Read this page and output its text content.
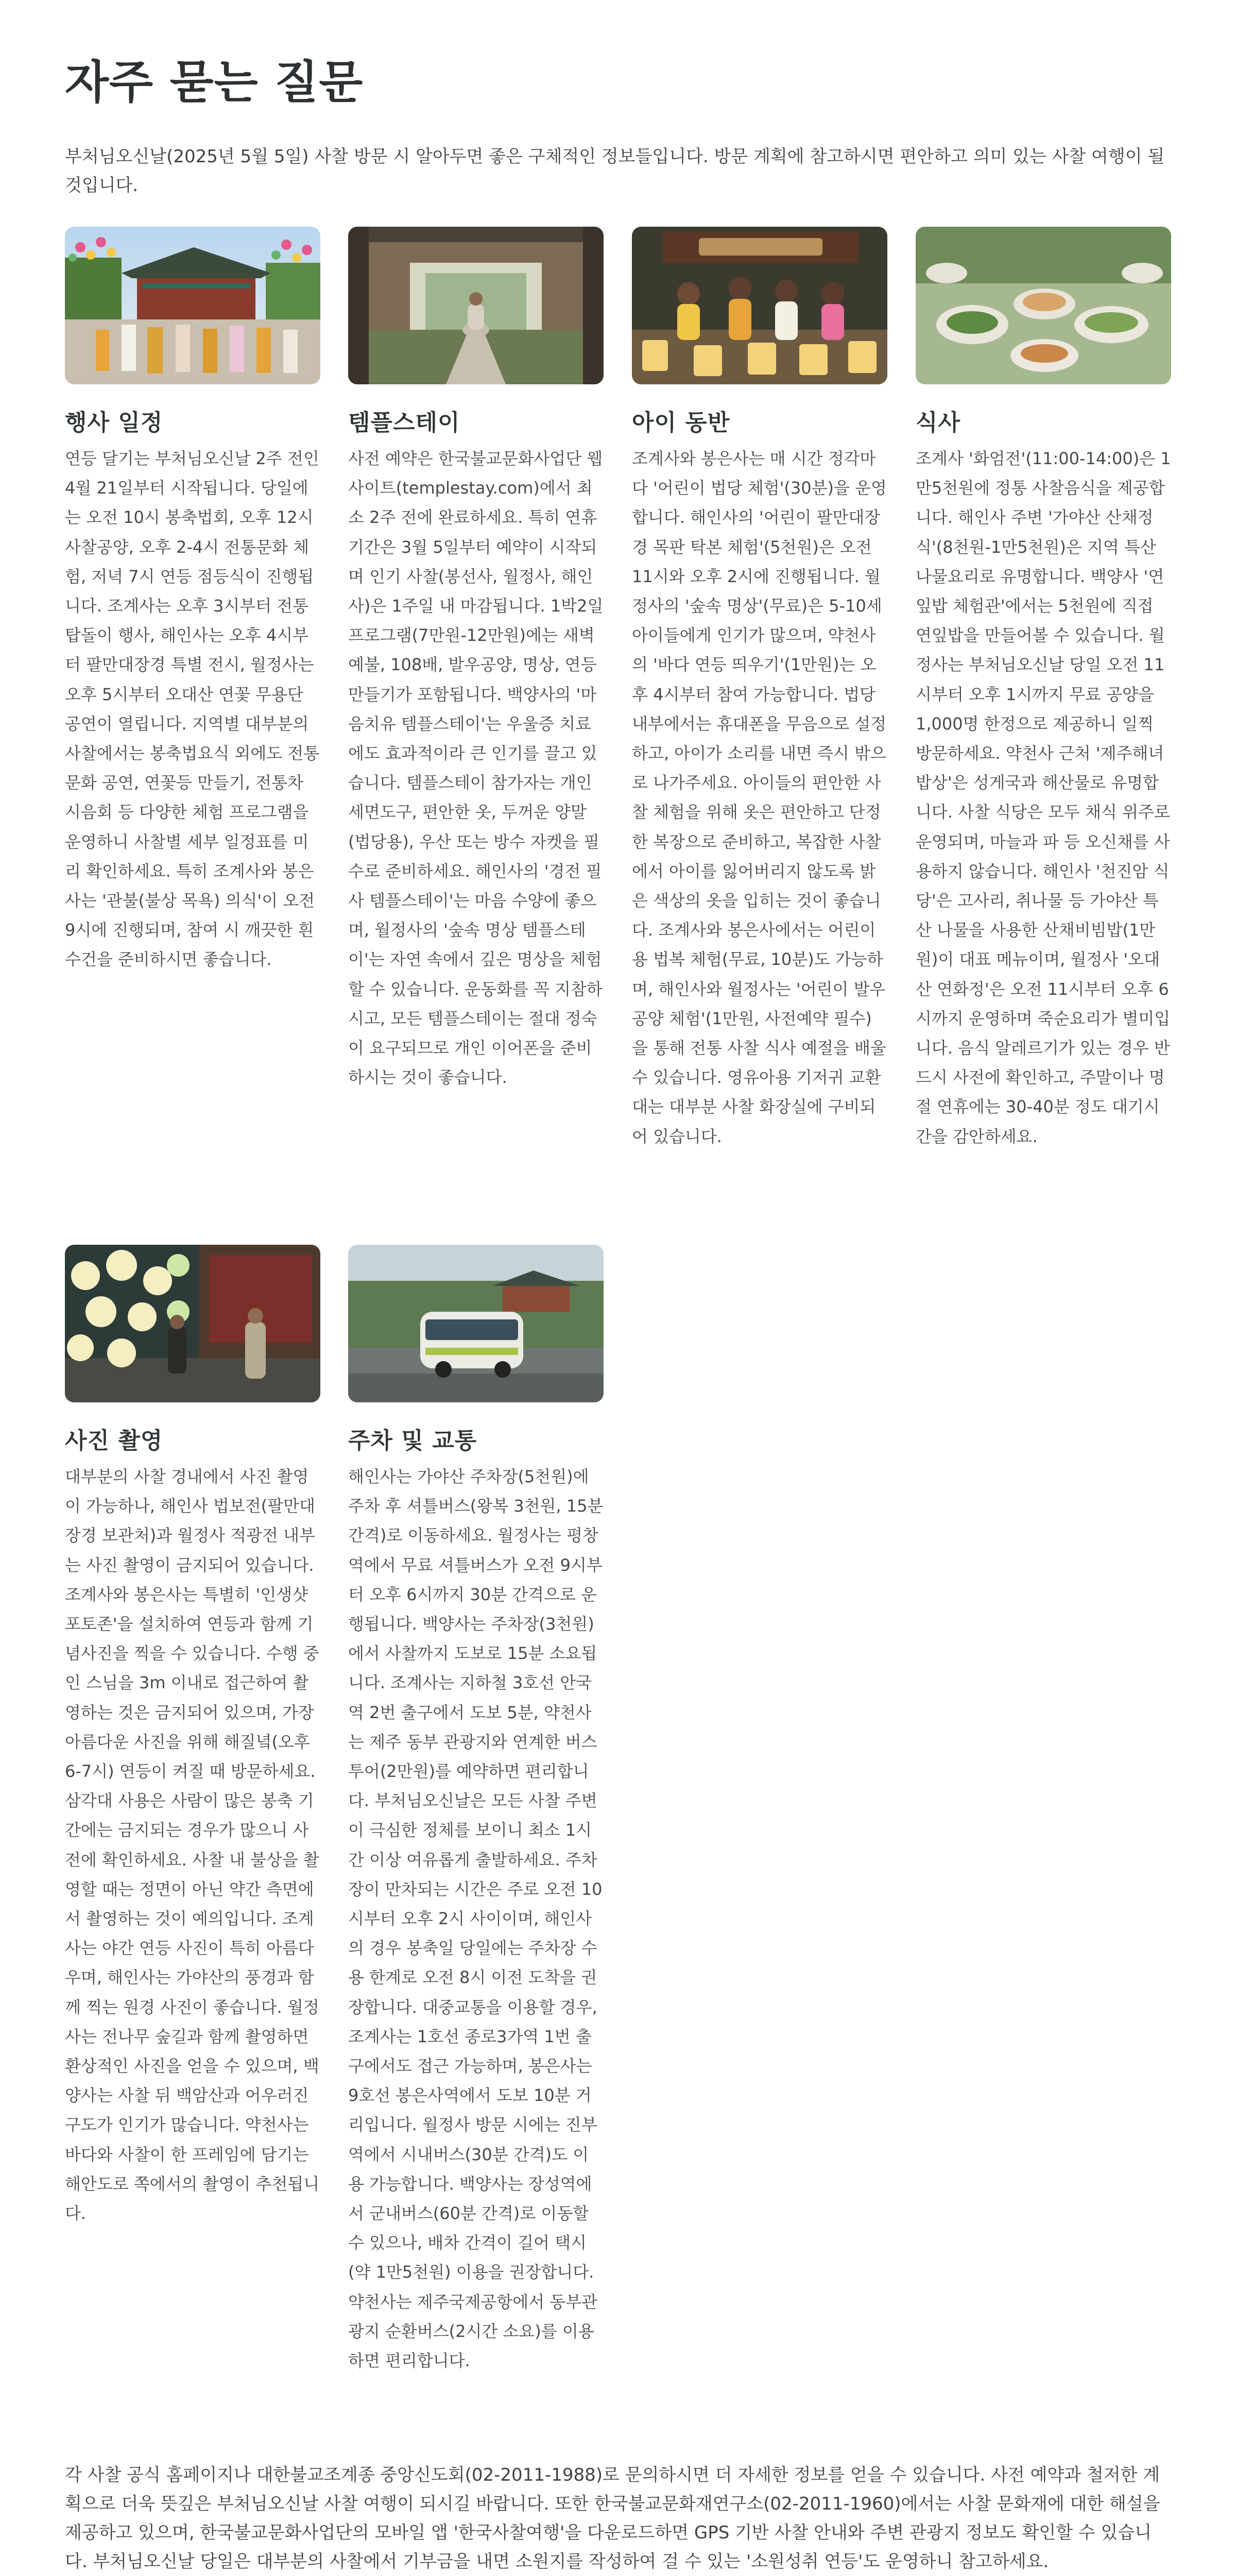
자주 묻는 질문

부처님오신날(2025년 5월 5일) 사찰 방문 시 알아두면 좋은 구체적인 정보들입니다. 방문 계획에 참고하시면 편안하고 의미 있는 사찰 여행이 될 것입니다.

행사 일정

연등 달기는 부처님오신날 2주 전인 4월 21일부터 시작됩니다. 당일에는 오전 10시 봉축법회, 오후 12시 사찰공양, 오후 2-4시 전통문화 체험, 저녁 7시 연등 점등식이 진행됩니다. 조계사는 오후 3시부터 전통 탑돌이 행사, 해인사는 오후 4시부터 팔만대장경 특별 전시, 월정사는 오후 5시부터 오대산 연꽃 무용단 공연이 열립니다. 지역별 대부분의 사찰에서는 봉축법요식 외에도 전통 문화 공연, 연꽃등 만들기, 전통차 시음회 등 다양한 체험 프로그램을 운영하니 사찰별 세부 일정표를 미리 확인하세요. 특히 조계사와 봉은사는 '관불(불상 목욕) 의식'이 오전 9시에 진행되며, 참여 시 깨끗한 흰 수건을 준비하시면 좋습니다.

템플스테이

사전 예약은 한국불교문화사업단 웹사이트(templestay.com)에서 최소 2주 전에 완료하세요. 특히 연휴 기간은 3월 5일부터 예약이 시작되며 인기 사찰(봉선사, 월정사, 해인사)은 1주일 내 마감됩니다. 1박2일 프로그램(7만원-12만원)에는 새벽 예불, 108배, 발우공양, 명상, 연등 만들기가 포함됩니다. 백양사의 '마음치유 템플스테이'는 우울증 치료에도 효과적이라 큰 인기를 끌고 있습니다. 템플스테이 참가자는 개인 세면도구, 편안한 옷, 두꺼운 양말(법당용), 우산 또는 방수 자켓을 필수로 준비하세요. 해인사의 '경전 필사 템플스테이'는 마음 수양에 좋으며, 월정사의 '숲속 명상 템플스테이'는 자연 속에서 깊은 명상을 체험할 수 있습니다. 운동화를 꼭 지참하시고, 모든 템플스테이는 절대 정숙이 요구되므로 개인 이어폰을 준비하시는 것이 좋습니다.

아이 동반

조계사와 봉은사는 매 시간 정각마다 '어린이 법당 체험'(30분)을 운영합니다. 해인사의 '어린이 팔만대장경 목판 탁본 체험'(5천원)은 오전 11시와 오후 2시에 진행됩니다. 월정사의 '숲속 명상'(무료)은 5-10세 아이들에게 인기가 많으며, 약천사의 '바다 연등 띄우기'(1만원)는 오후 4시부터 참여 가능합니다. 법당 내부에서는 휴대폰을 무음으로 설정하고, 아이가 소리를 내면 즉시 밖으로 나가주세요. 아이들의 편안한 사찰 체험을 위해 옷은 편안하고 단정한 복장으로 준비하고, 복잡한 사찰에서 아이를 잃어버리지 않도록 밝은 색상의 옷을 입히는 것이 좋습니다. 조계사와 봉은사에서는 어린이용 법복 체험(무료, 10분)도 가능하며, 해인사와 월정사는 '어린이 발우공양 체험'(1만원, 사전예약 필수)을 통해 전통 사찰 식사 예절을 배울 수 있습니다. 영유아용 기저귀 교환대는 대부분 사찰 화장실에 구비되어 있습니다.

식사

조계사 '화엄전'(11:00-14:00)은 1만5천원에 정통 사찰음식을 제공합니다. 해인사 주변 '가야산 산채정식'(8천원-1만5천원)은 지역 특산 나물요리로 유명합니다. 백양사 '연잎밥 체험관'에서는 5천원에 직접 연잎밥을 만들어볼 수 있습니다. 월정사는 부처님오신날 당일 오전 11시부터 오후 1시까지 무료 공양을 1,000명 한정으로 제공하니 일찍 방문하세요. 약천사 근처 '제주해녀밥상'은 성게국과 해산물로 유명합니다. 사찰 식당은 모두 채식 위주로 운영되며, 마늘과 파 등 오신채를 사용하지 않습니다. 해인사 '천진암 식당'은 고사리, 취나물 등 가야산 특산 나물을 사용한 산채비빔밥(1만원)이 대표 메뉴이며, 월정사 '오대산 연화정'은 오전 11시부터 오후 6시까지 운영하며 죽순요리가 별미입니다. 음식 알레르기가 있는 경우 반드시 사전에 확인하고, 주말이나 명절 연휴에는 30-40분 정도 대기시간을 감안하세요.

사진 촬영

대부분의 사찰 경내에서 사진 촬영이 가능하나, 해인사 법보전(팔만대장경 보관처)과 월정사 적광전 내부는 사진 촬영이 금지되어 있습니다. 조계사와 봉은사는 특별히 '인생샷 포토존'을 설치하여 연등과 함께 기념사진을 찍을 수 있습니다. 수행 중인 스님을 3m 이내로 접근하여 촬영하는 것은 금지되어 있으며, 가장 아름다운 사진을 위해 해질녘(오후 6-7시) 연등이 켜질 때 방문하세요. 삼각대 사용은 사람이 많은 봉축 기간에는 금지되는 경우가 많으니 사전에 확인하세요. 사찰 내 불상을 촬영할 때는 정면이 아닌 약간 측면에서 촬영하는 것이 예의입니다. 조계사는 야간 연등 사진이 특히 아름다우며, 해인사는 가야산의 풍경과 함께 찍는 원경 사진이 좋습니다. 월정사는 전나무 숲길과 함께 촬영하면 환상적인 사진을 얻을 수 있으며, 백양사는 사찰 뒤 백암산과 어우러진 구도가 인기가 많습니다. 약천사는 바다와 사찰이 한 프레임에 담기는 해안도로 쪽에서의 촬영이 추천됩니다.

주차 및 교통

해인사는 가야산 주차장(5천원)에 주차 후 셔틀버스(왕복 3천원, 15분 간격)로 이동하세요. 월정사는 평창역에서 무료 셔틀버스가 오전 9시부터 오후 6시까지 30분 간격으로 운행됩니다. 백양사는 주차장(3천원)에서 사찰까지 도보로 15분 소요됩니다. 조계사는 지하철 3호선 안국역 2번 출구에서 도보 5분, 약천사는 제주 동부 관광지와 연계한 버스투어(2만원)를 예약하면 편리합니다. 부처님오신날은 모든 사찰 주변이 극심한 정체를 보이니 최소 1시간 이상 여유롭게 출발하세요. 주차장이 만차되는 시간은 주로 오전 10시부터 오후 2시 사이이며, 해인사의 경우 봉축일 당일에는 주차장 수용 한계로 오전 8시 이전 도착을 권장합니다. 대중교통을 이용할 경우, 조계사는 1호선 종로3가역 1번 출구에서도 접근 가능하며, 봉은사는 9호선 봉은사역에서 도보 10분 거리입니다. 월정사 방문 시에는 진부역에서 시내버스(30분 간격)도 이용 가능합니다. 백양사는 장성역에서 군내버스(60분 간격)로 이동할 수 있으나, 배차 간격이 길어 택시(약 1만5천원) 이용을 권장합니다. 약천사는 제주국제공항에서 동부관광지 순환버스(2시간 소요)를 이용하면 편리합니다.

각 사찰 공식 홈페이지나 대한불교조계종 중앙신도회(02-2011-1988)로 문의하시면 더 자세한 정보를 얻을 수 있습니다. 사전 예약과 철저한 계획으로 더욱 뜻깊은 부처님오신날 사찰 여행이 되시길 바랍니다. 또한 한국불교문화재연구소(02-2011-1960)에서는 사찰 문화재에 대한 해설을 제공하고 있으며, 한국불교문화사업단의 모바일 앱 '한국사찰여행'을 다운로드하면 GPS 기반 사찰 안내와 주변 관광지 정보도 확인할 수 있습니다. 부처님오신날 당일은 대부분의 사찰에서 기부금을 내면 소원지를 작성하여 걸 수 있는 '소원성취 연등'도 운영하니 참고하세요.
